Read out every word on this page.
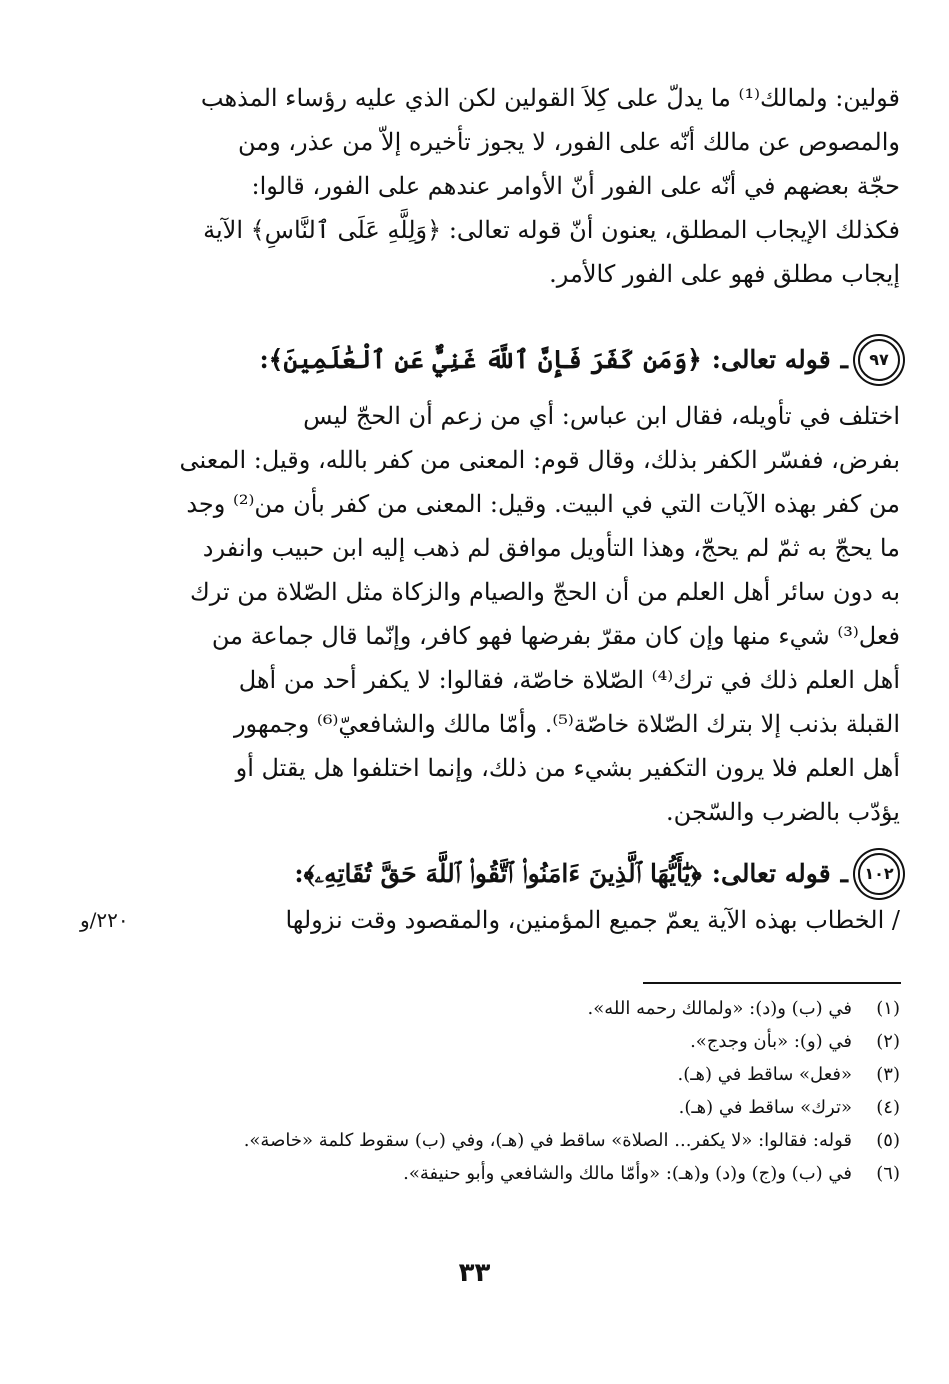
قولين: ولمالك⁽¹⁾ ما يدلّ على كِلاَ القولين لكن الذي عليه رؤساء المذهب
والمصوص عن مالك أنّه على الفور، لا يجوز تأخيره إلاّ من عذر، ومن
حجّة بعضهم في أنّه على الفور أنّ الأوامر عندهم على الفور، قالوا:
فكذلك الإيجاب المطلق، يعنون أنّ قوله تعالى: ﴿وَلِلَّهِ عَلَى ٱلنَّاسِ﴾ الآية
إيجاب مطلق فهو على الفور كالأمر.
٩٧
ـ
قوله تعالى:
﴿وَمَن كَفَرَ فَإِنَّ ٱللَّهَ غَنِيٌّ عَنِ ٱلْعَٰلَمِينَ﴾:
اختلف في تأويله، فقال ابن عباس: أي من زعم أن الحجّ ليس
بفرض، ففسّر الكفر بذلك، وقال قوم: المعنى من كفر بالله، وقيل: المعنى
من كفر بهذه الآيات التي في البيت. وقيل: المعنى من كفر بأن من⁽²⁾ وجد
ما يحجّ به ثمّ لم يحجّ، وهذا التأويل موافق لم ذهب إليه ابن حبيب وانفرد
به دون سائر أهل العلم من أن الحجّ والصيام والزكاة مثل الصّلاة من ترك
فعل⁽³⁾ شيء منها وإن كان مقرّ بفرضها فهو كافر، وإنّما قال جماعة من
أهل العلم ذلك في ترك⁽⁴⁾ الصّلاة خاصّة، فقالوا: لا يكفر أحد من أهل
القبلة بذنب إلا بترك الصّلاة خاصّة⁽⁵⁾. وأمّا مالك والشافعيّ⁽⁶⁾ وجمهور
أهل العلم فلا يرون التكفير بشيء من ذلك، وإنما اختلفوا هل يقتل أو
يؤدّب بالضرب والسّجن.
١٠٢
ـ
قوله تعالى:
﴿يَٰٓأَيُّهَا ٱلَّذِينَ ءَامَنُوا۟ ٱتَّقُوا۟ ٱللَّهَ حَقَّ تُقَاتِهِۦ﴾:
/ الخطاب بهذه الآية يعمّ جميع المؤمنين، والمقصود وقت نزولها
٢٢٠/و
(١)
في (ب) و(د): «ولمالك رحمه الله».
(٢)
في (و): «بأن وجدج».
(٣)
«فعل» ساقط في (هـ).
(٤)
«ترك» ساقط في (هـ).
(٥)
قوله: فقالوا: «لا يكفر... الصلاة» ساقط في (هـ)، وفي (ب) سقوط كلمة «خاصة».
(٦)
في (ب) و(ج) و(د) و(هـ): «وأمّا مالك والشافعي وأبو حنيفة».
٣٣
